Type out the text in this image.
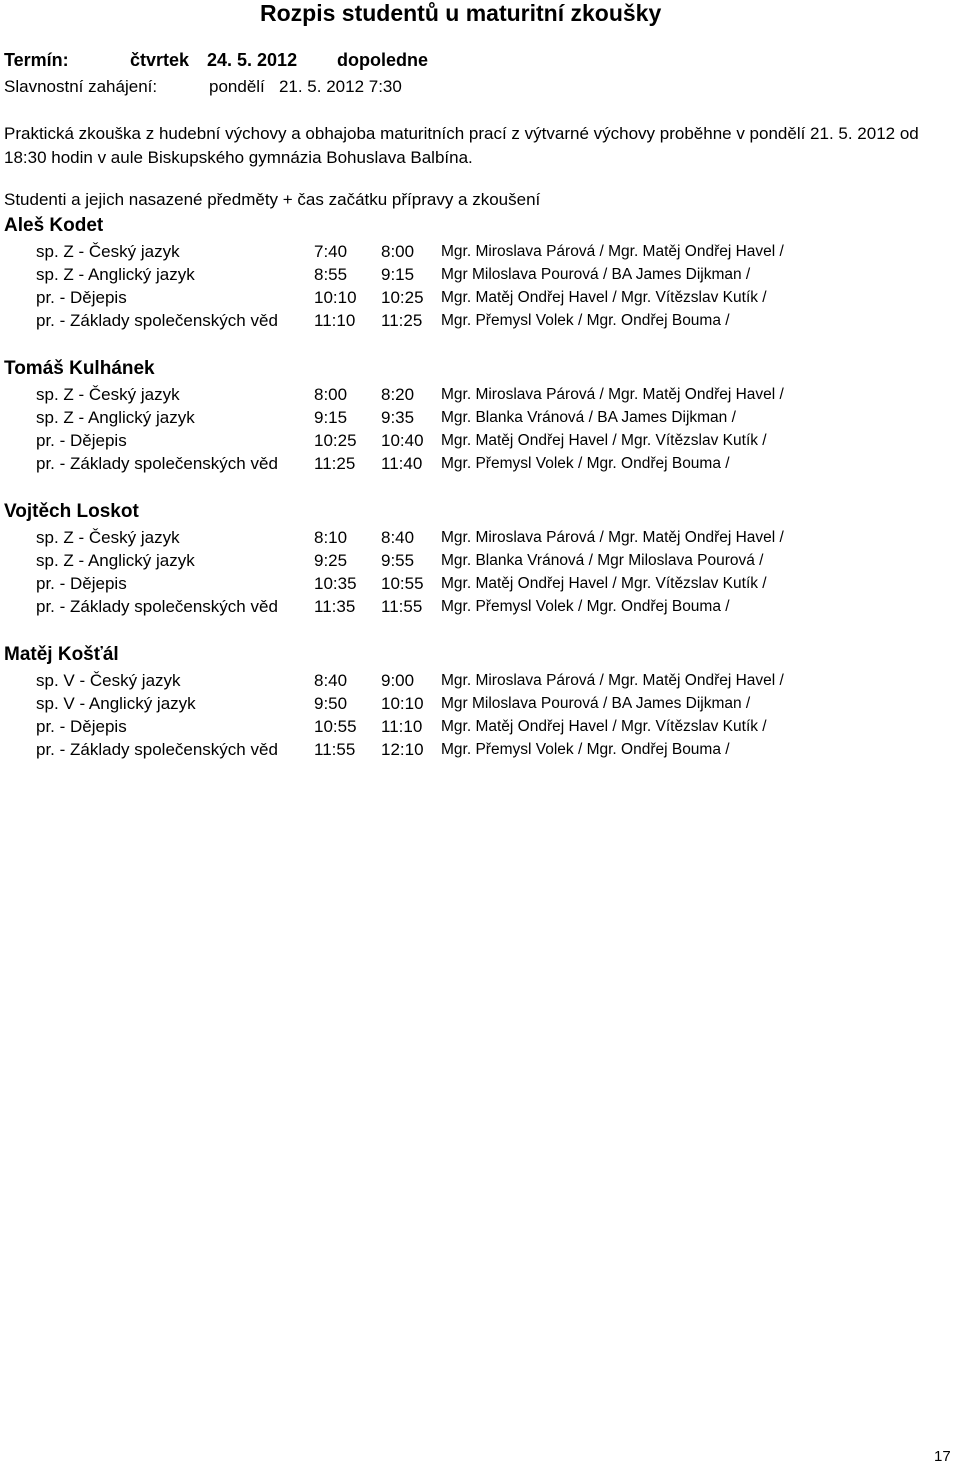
Rozpis studentů u maturitní zkoušky
Termín:	čtvrtek 24. 5. 2012 dopoledne
Slavnostní zahájení:	pondělí   21. 5. 2012 7:30
Praktická zkouška z hudební výchovy a obhajoba maturitních prací z výtvarné výchovy proběhne v pondělí 21. 5. 2012 od 18:30 hodin v aule Biskupského gymnázia Bohuslava Balbína.
Studenti a jejich nasazené předměty + čas začátku přípravy a zkoušení
Aleš Kodet
sp. Z - Český jazyk	7:40 8:00 Mgr. Miroslava Párová / Mgr. Matěj Ondřej Havel /
sp. Z - Anglický jazyk	8:55 9:15 Mgr Miloslava Pourová / BA James Dijkman /
pr. - Dějepis	10:10 10:25 Mgr. Matěj Ondřej Havel / Mgr. Vítězslav Kutík /
pr. - Základy společenských věd	11:10 11:25 Mgr. Přemysl Volek / Mgr. Ondřej Bouma /
Tomáš Kulhánek
sp. Z - Český jazyk	8:00 8:20 Mgr. Miroslava Párová / Mgr. Matěj Ondřej Havel /
sp. Z - Anglický jazyk	9:15 9:35 Mgr. Blanka Vránová / BA James Dijkman /
pr. - Dějepis	10:25 10:40 Mgr. Matěj Ondřej Havel / Mgr. Vítězslav Kutík /
pr. - Základy společenských věd	11:25 11:40 Mgr. Přemysl Volek / Mgr. Ondřej Bouma /
Vojtěch Loskot
sp. Z - Český jazyk	8:10 8:40 Mgr. Miroslava Párová / Mgr. Matěj Ondřej Havel /
sp. Z - Anglický jazyk	9:25 9:55 Mgr. Blanka Vránová / Mgr Miloslava Pourová /
pr. - Dějepis	10:35 10:55 Mgr. Matěj Ondřej Havel / Mgr. Vítězslav Kutík /
pr. - Základy společenských věd	11:35 11:55 Mgr. Přemysl Volek / Mgr. Ondřej Bouma /
Matěj Košťál
sp. V - Český jazyk	8:40 9:00 Mgr. Miroslava Párová / Mgr. Matěj Ondřej Havel /
sp. V - Anglický jazyk	9:50 10:10 Mgr Miloslava Pourová / BA James Dijkman /
pr. - Dějepis	10:55 11:10 Mgr. Matěj Ondřej Havel / Mgr. Vítězslav Kutík /
pr. - Základy společenských věd	11:55 12:10 Mgr. Přemysl Volek / Mgr. Ondřej Bouma /
17
